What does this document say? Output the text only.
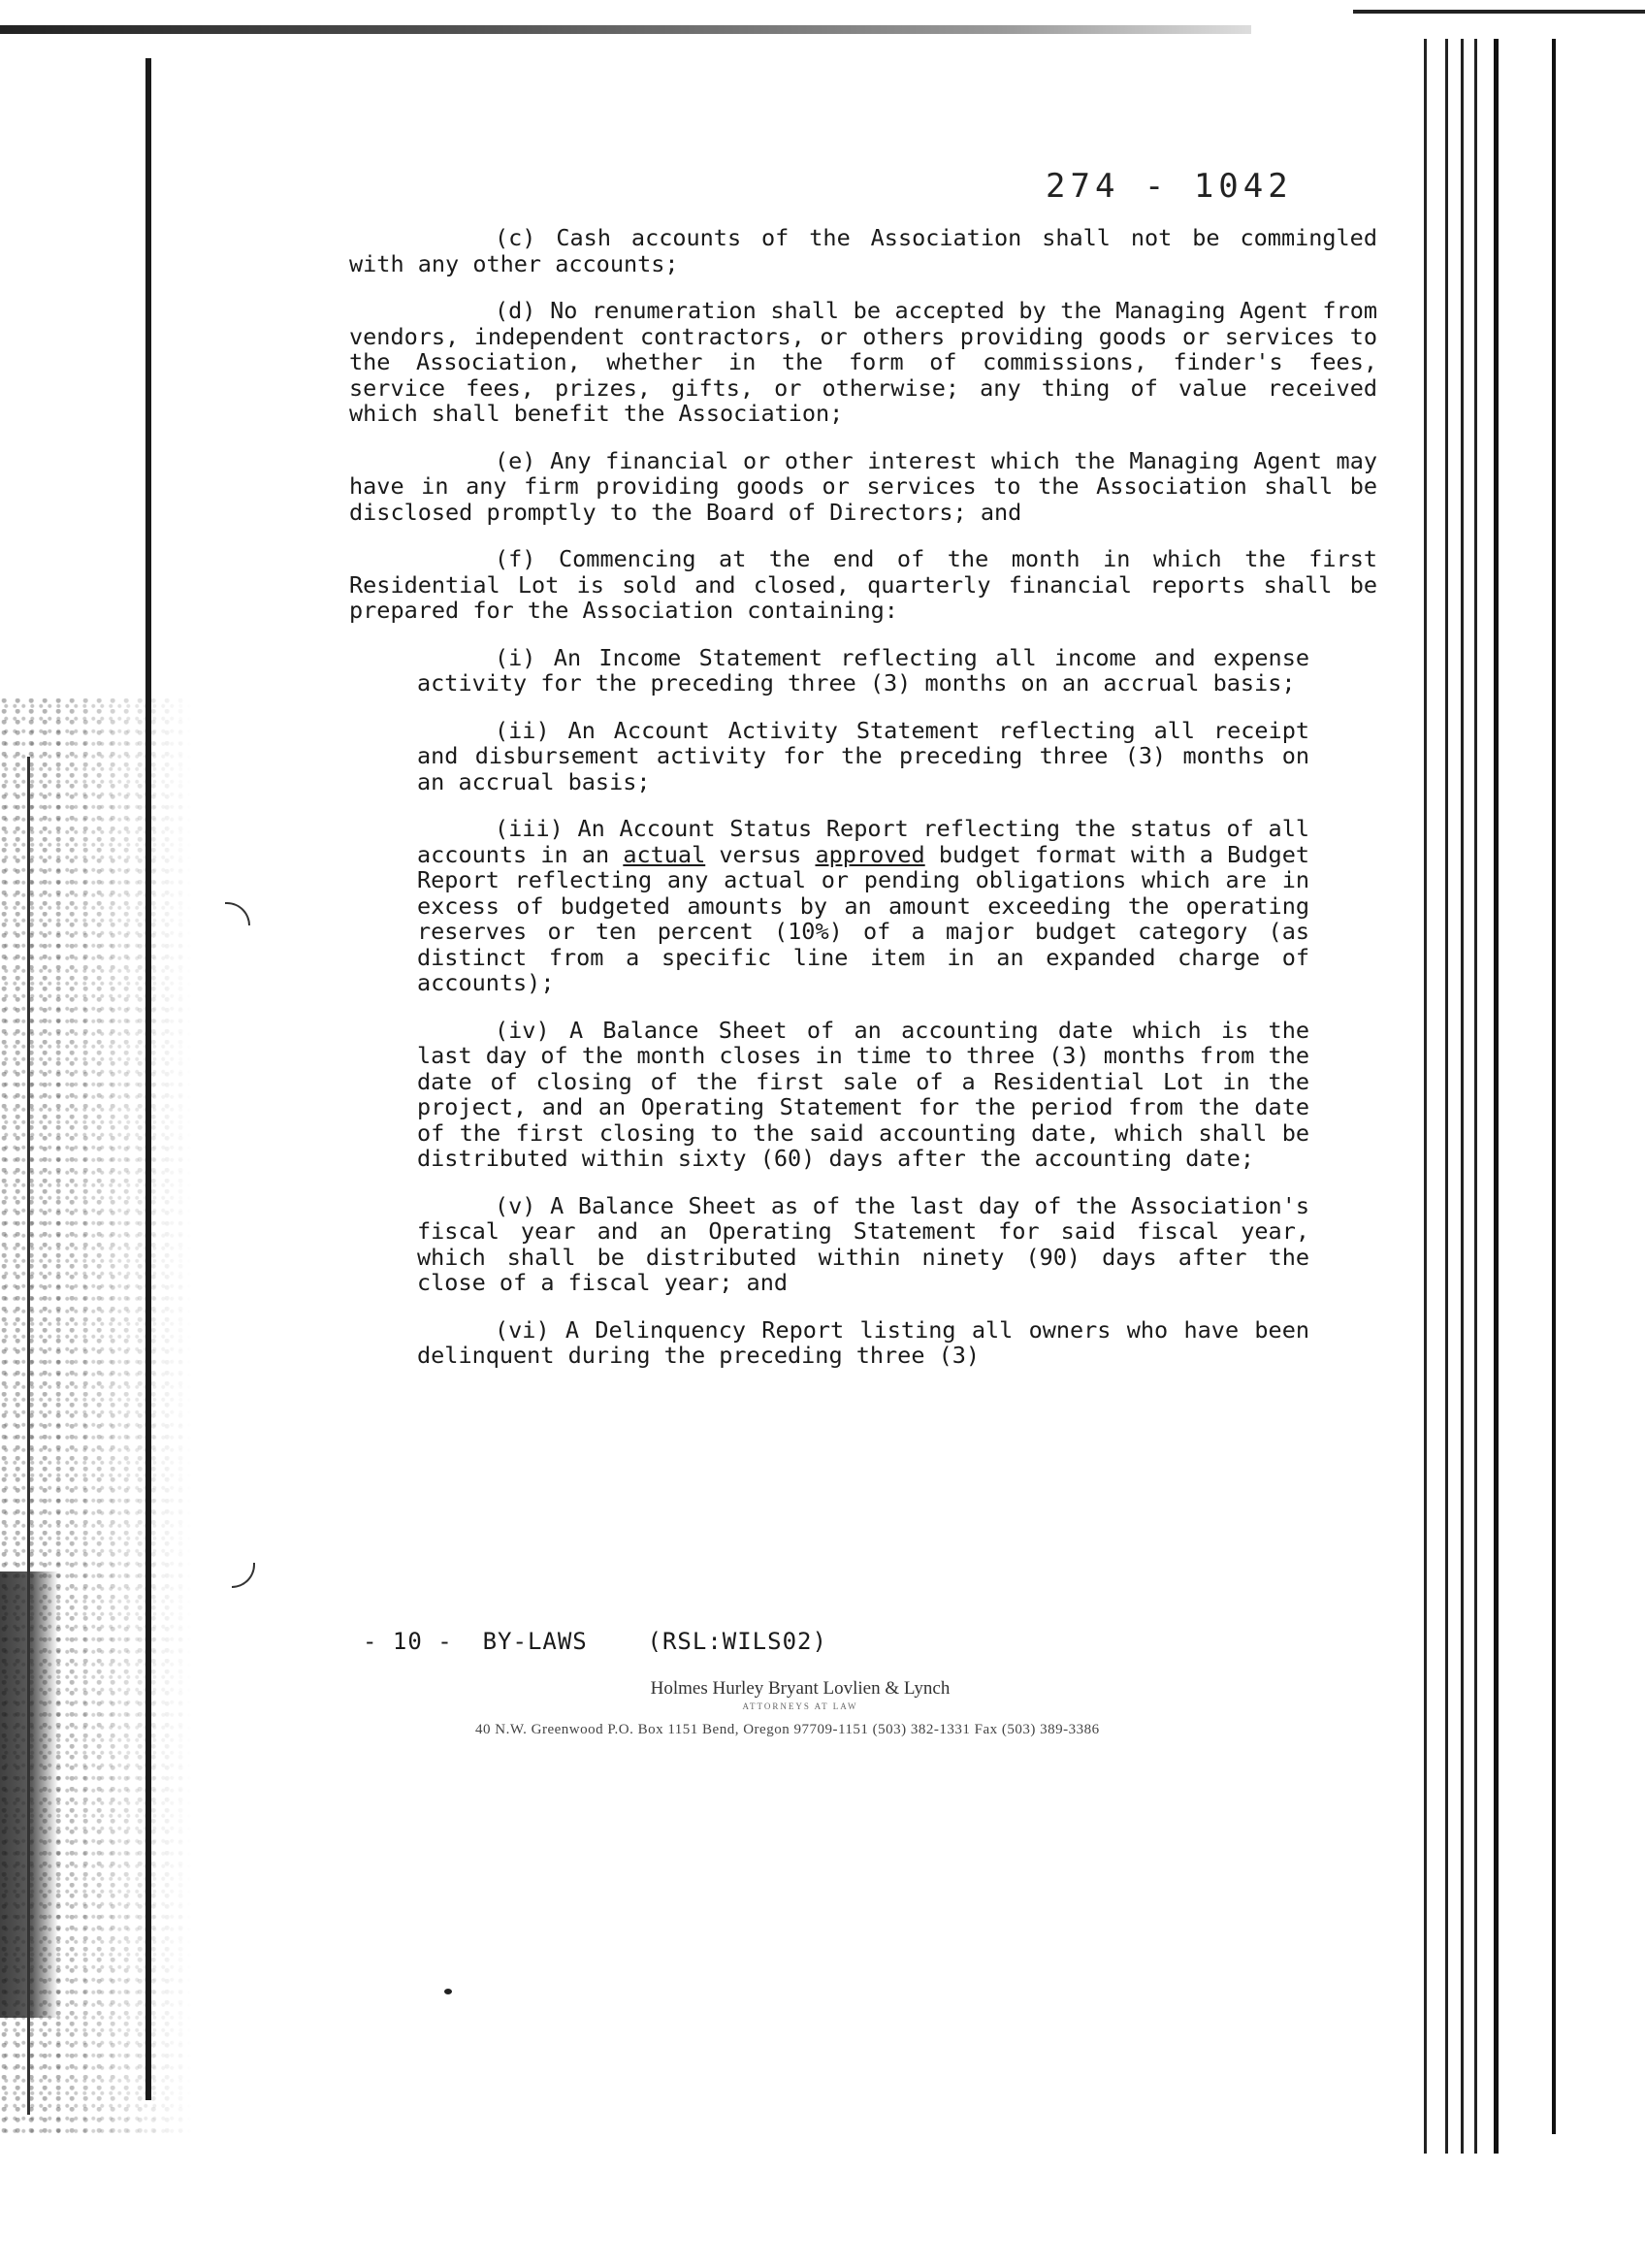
274 - 1042

(c) Cash accounts of the Association shall not be commingled with any other accounts;

(d) No renumeration shall be accepted by the Managing Agent from vendors, independent contractors, or others providing goods or services to the Association, whether in the form of commissions, finder's fees, service fees, prizes, gifts, or otherwise; any thing of value received which shall benefit the Association;

(e) Any financial or other interest which the Managing Agent may have in any firm providing goods or services to the Association shall be disclosed promptly to the Board of Directors; and

(f) Commencing at the end of the month in which the first Residential Lot is sold and closed, quarterly financial reports shall be prepared for the Association containing:

(i) An Income Statement reflecting all income and expense activity for the preceding three (3) months on an accrual basis;

(ii) An Account Activity Statement reflecting all receipt and disbursement activity for the preceding three (3) months on an accrual basis;

(iii) An Account Status Report reflecting the status of all accounts in an actual versus approved budget format with a Budget Report reflecting any actual or pending obligations which are in excess of budgeted amounts by an amount exceeding the operating reserves or ten percent (10%) of a major budget category (as distinct from a specific line item in an expanded charge of accounts);

(iv) A Balance Sheet of an accounting date which is the last day of the month closes in time to three (3) months from the date of closing of the first sale of a Residential Lot in the project, and an Operating Statement for the period from the date of the first closing to the said accounting date, which shall be distributed within sixty (60) days after the accounting date;

(v) A Balance Sheet as of the last day of the Association's fiscal year and an Operating Statement for said fiscal year, which shall be distributed within ninety (90) days after the close of a fiscal year; and

(vi) A Delinquency Report listing all owners who have been delinquent during the preceding three (3)

- 10 -  BY-LAWS    (RSL:WILS02)
Holmes Hurley Bryant Lovlien & Lynch
ATTORNEYS AT LAW
40 N.W. Greenwood P.O. Box 1151 Bend, Oregon 97709-1151 (503) 382-1331 Fax (503) 389-3386
